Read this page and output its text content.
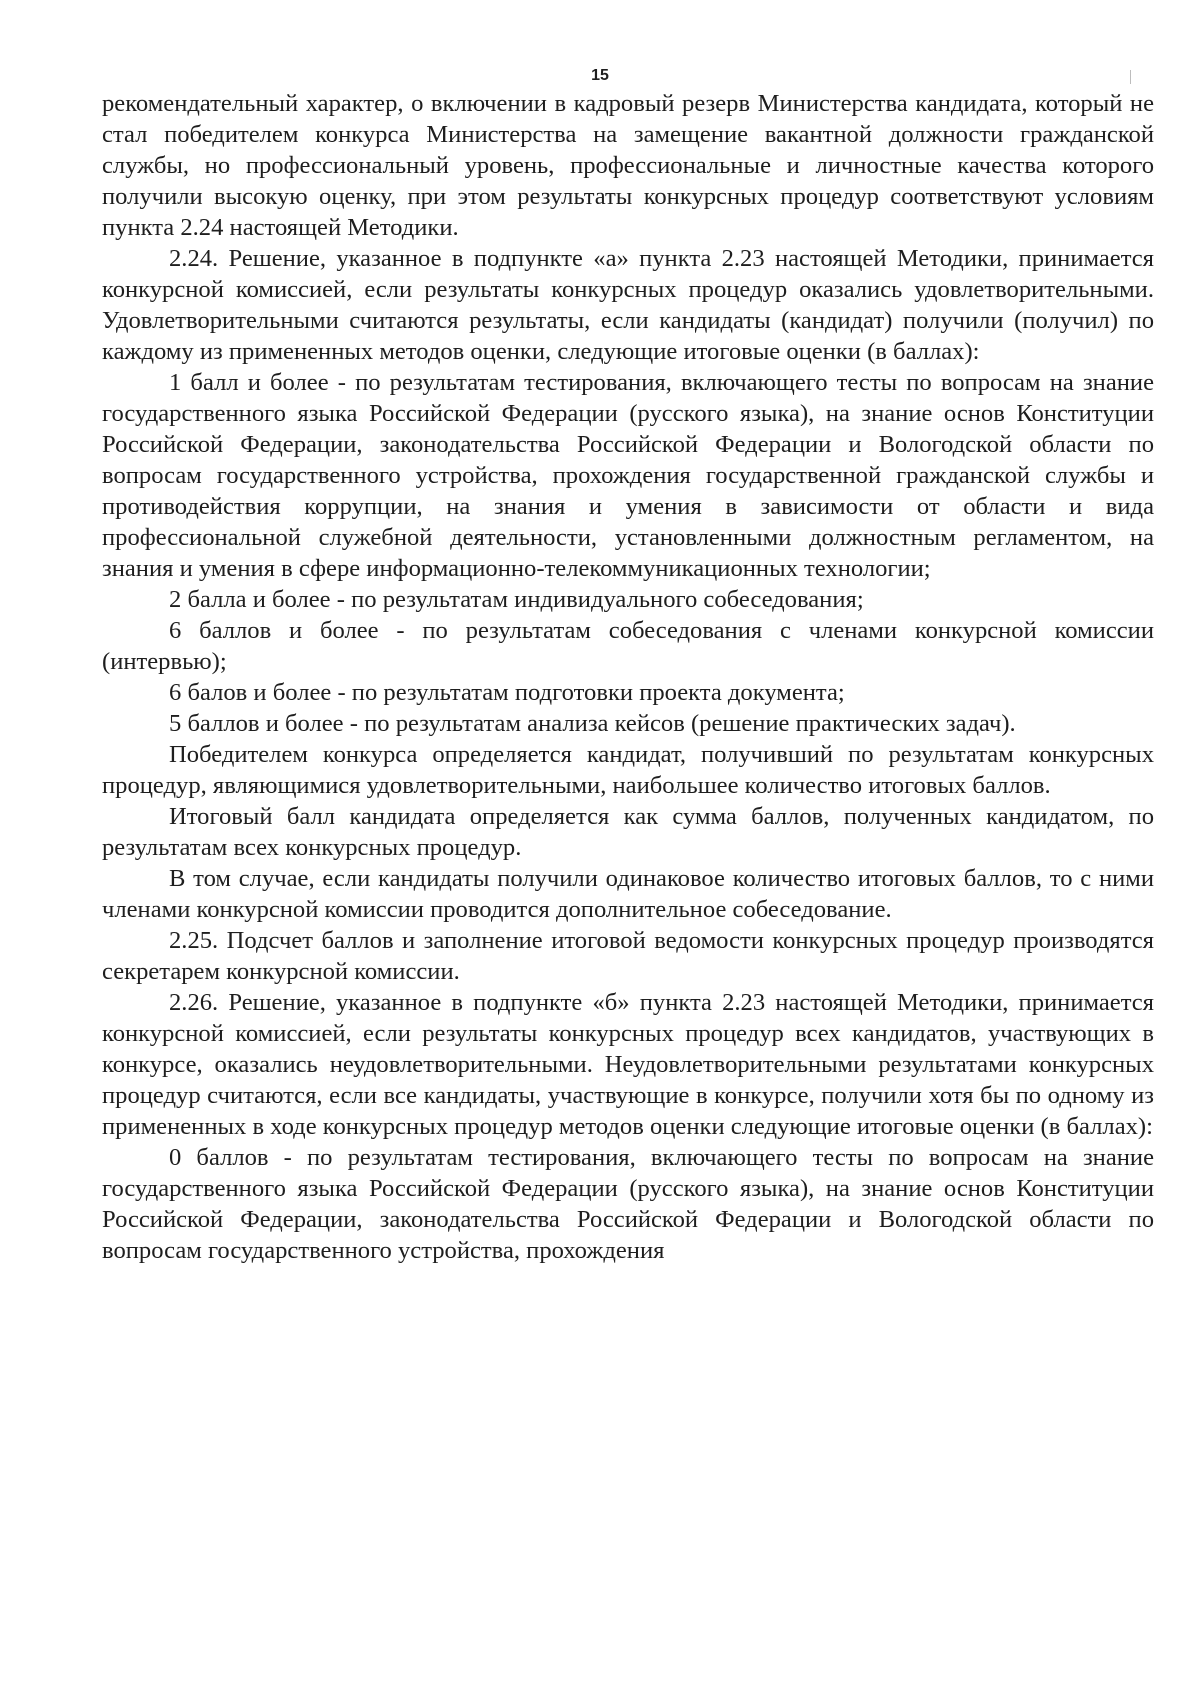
15

рекомендательный характер, о включении в кадровый резерв Министерства кандидата, который не стал победителем конкурса Министерства на замещение вакантной должности гражданской службы, но профессиональный уровень, профессиональные и личностные качества которого получили высокую оценку, при этом результаты конкурсных процедур соответствуют условиям пункта 2.24 настоящей Методики.

2.24. Решение, указанное в подпункте «а» пункта 2.23 настоящей Методики, принимается конкурсной комиссией, если результаты конкурсных процедур оказались удовлетворительными. Удовлетворительными считаются результаты, если кандидаты (кандидат) получили (получил) по каждому из примененных методов оценки, следующие итоговые оценки (в баллах):

1 балл и более - по результатам тестирования, включающего тесты по вопросам на знание государственного языка Российской Федерации (русского языка), на знание основ Конституции Российской Федерации, законодательства Российской Федерации и Вологодской области по вопросам государственного устройства, прохождения государственной гражданской службы и противодействия коррупции, на знания и умения в зависимости от области и вида профессиональной служебной деятельности, установленными должностным регламентом, на знания и умения в сфере информационно-телекоммуникационных технологии;

2 балла и более - по результатам индивидуального собеседования;

6 баллов и более - по результатам собеседования с членами конкурсной комиссии (интервью);

6 балов и более - по результатам подготовки проекта документа;

5 баллов и более - по результатам анализа кейсов (решение практических задач).

Победителем конкурса определяется кандидат, получивший по результатам конкурсных процедур, являющимися удовлетворительными, наибольшее количество итоговых баллов.

Итоговый балл кандидата определяется как сумма баллов, полученных кандидатом, по результатам всех конкурсных процедур.

В том случае, если кандидаты получили одинаковое количество итоговых баллов, то с ними членами конкурсной комиссии проводится дополнительное собеседование.

2.25. Подсчет баллов и заполнение итоговой ведомости конкурсных процедур производятся секретарем конкурсной комиссии.

2.26. Решение, указанное в подпункте «б» пункта 2.23 настоящей Методики, принимается конкурсной комиссией, если результаты конкурсных процедур всех кандидатов, участвующих в конкурсе, оказались неудовлетворительными. Неудовлетворительными результатами конкурсных процедур считаются, если все кандидаты, участвующие в конкурсе, получили хотя бы по одному из примененных в ходе конкурсных процедур методов оценки следующие итоговые оценки (в баллах):

0 баллов - по результатам тестирования, включающего тесты по вопросам на знание государственного языка Российской Федерации (русского языка), на знание основ Конституции Российской Федерации, законодательства Российской Федерации и Вологодской области по вопросам государственного устройства, прохождения
